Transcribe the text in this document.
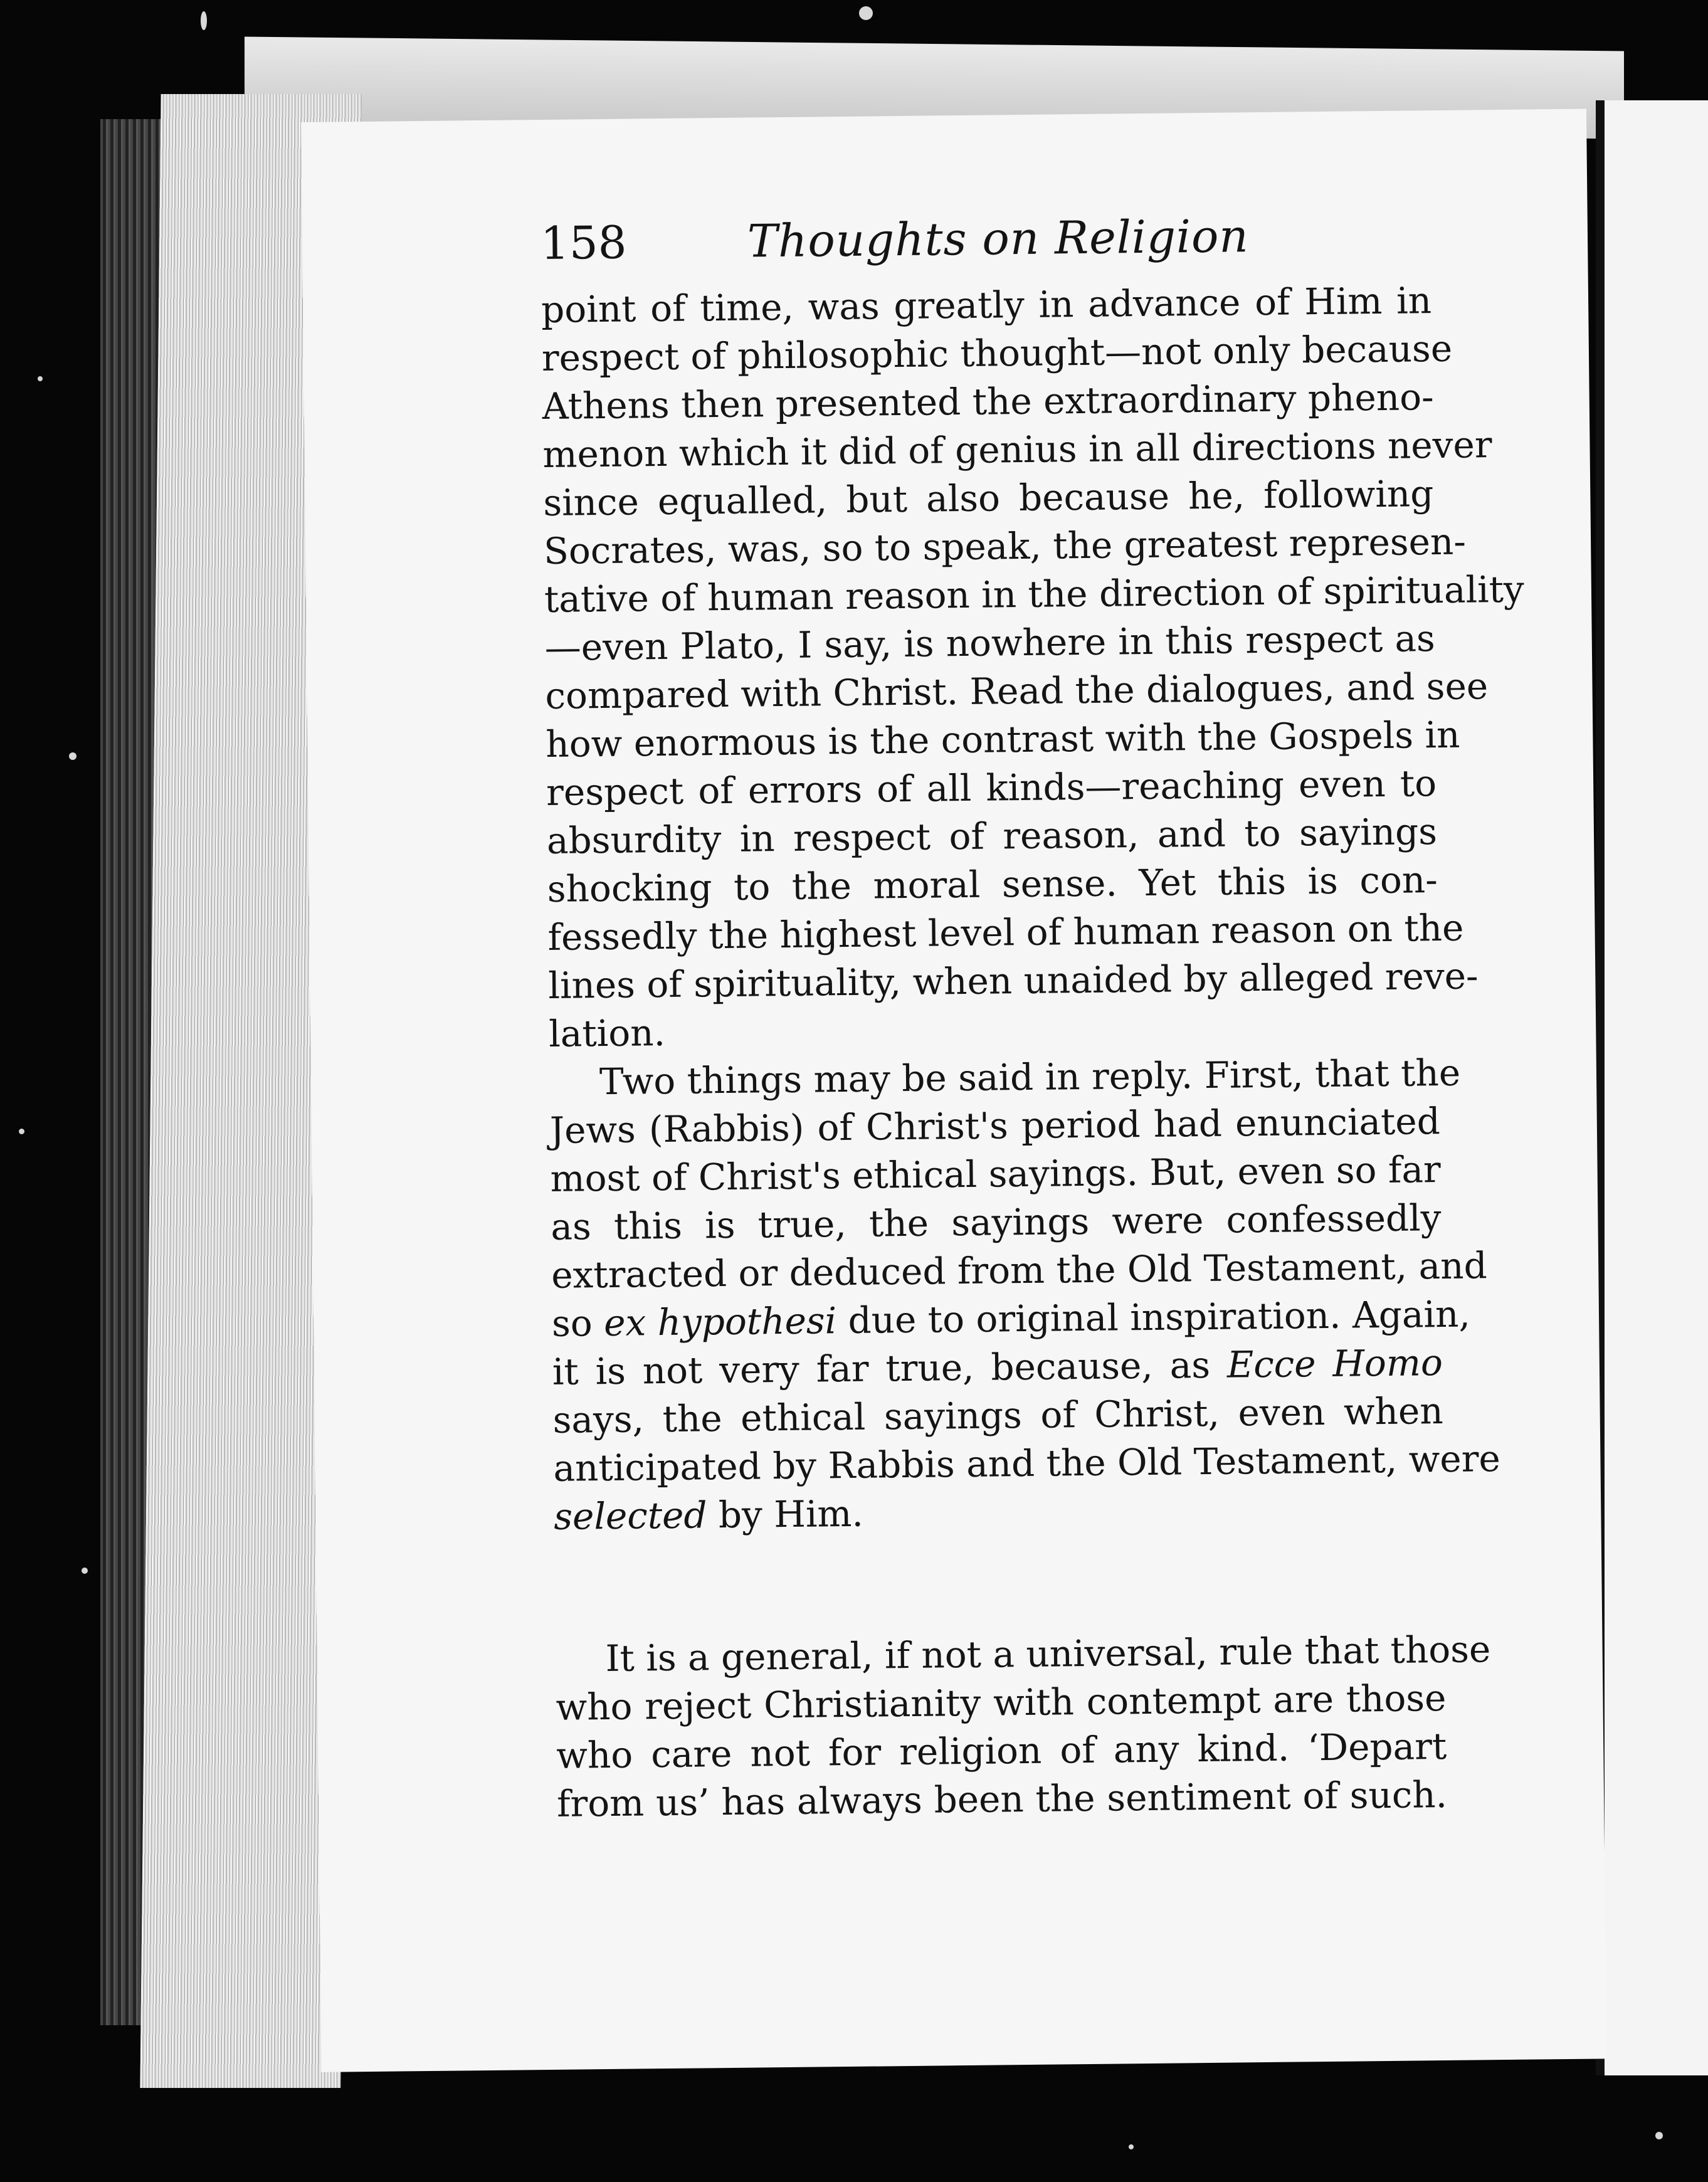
158	Thoughts on Religion
point of time, was greatly in advance of Him in
respect of philosophic thought—not only because
Athens then presented the extraordinary pheno-
menon which it did of genius in all directions never
since equalled, but also because he, following
Socrates, was, so to speak, the greatest represen-
tative of human reason in the direction of spirituality
—even Plato, I say, is nowhere in this respect as
compared with Christ. Read the dialogues, and see
how enormous is the contrast with the Gospels in
respect of errors of all kinds—reaching even to
absurdity in respect of reason, and to sayings
shocking to the moral sense. Yet this is con-
fessedly the highest level of human reason on the
lines of spirituality, when unaided by alleged reve-
lation.
Two things may be said in reply. First, that the
Jews (Rabbis) of Christ's period had enunciated
most of Christ's ethical sayings. But, even so far
as this is true, the sayings were confessedly
extracted or deduced from the Old Testament, and
so ex hypothesi due to original inspiration. Again,
it is not very far true, because, as Ecce Homo
says, the ethical sayings of Christ, even when
anticipated by Rabbis and the Old Testament, were
selected by Him.
It is a general, if not a universal, rule that those
who reject Christianity with contempt are those
who care not for religion of any kind. ‘Depart
from us’ has always been the sentiment of such.
